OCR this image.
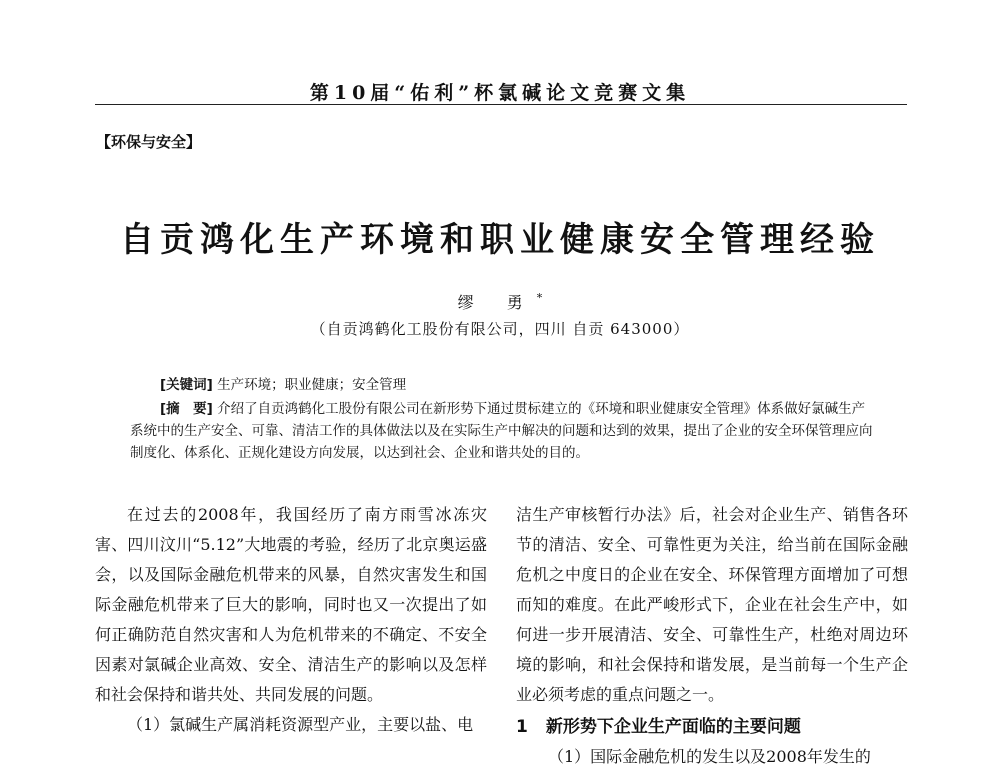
第10届“佑利”杯氯碱论文竞赛文集
【环保与安全】
自贡鸿化生产环境和职业健康安全管理经验
缪 勇*
（自贡鸿鹤化工股份有限公司，四川 自贡 643000）
[关键词] 生产环境；职业健康；安全管理
[摘　要] 介绍了自贡鸿鹤化工股份有限公司在新形势下通过贯标建立的《环境和职业健康安全管理》体系做好氯碱生产系统中的生产安全、可靠、清洁工作的具体做法以及在实际生产中解决的问题和达到的效果，提出了企业的安全环保管理应向制度化、体系化、正规化建设方向发展，以达到社会、企业和谐共处的目的。

在过去的2008年，我国经历了南方雨雪冰冻灾害、四川汶川“5.12”大地震的考验，经历了北京奥运盛会，以及国际金融危机带来的风暴，自然灾害发生和国际金融危机带来了巨大的影响，同时也又一次提出了如何正确防范自然灾害和人为危机带来的不确定、不安全因素对氯碱企业高效、安全、清洁生产的影响以及怎样和社会保持和谐共处、共同发展的问题。

（1）氯碱生产属消耗资源型产业，主要以盐、电

洁生产审核暂行办法》后，社会对企业生产、销售各环节的清洁、安全、可靠性更为关注，给当前在国际金融危机之中度日的企业在安全、环保管理方面增加了可想而知的难度。在此严峻形式下，企业在社会生产中，如何进一步开展清洁、安全、可靠性生产，杜绝对周边环境的影响，和社会保持和谐发展，是当前每一个生产企业必须考虑的重点问题之一。

1 新形势下企业生产面临的主要问题

（1）国际金融危机的发生以及2008年发生的
